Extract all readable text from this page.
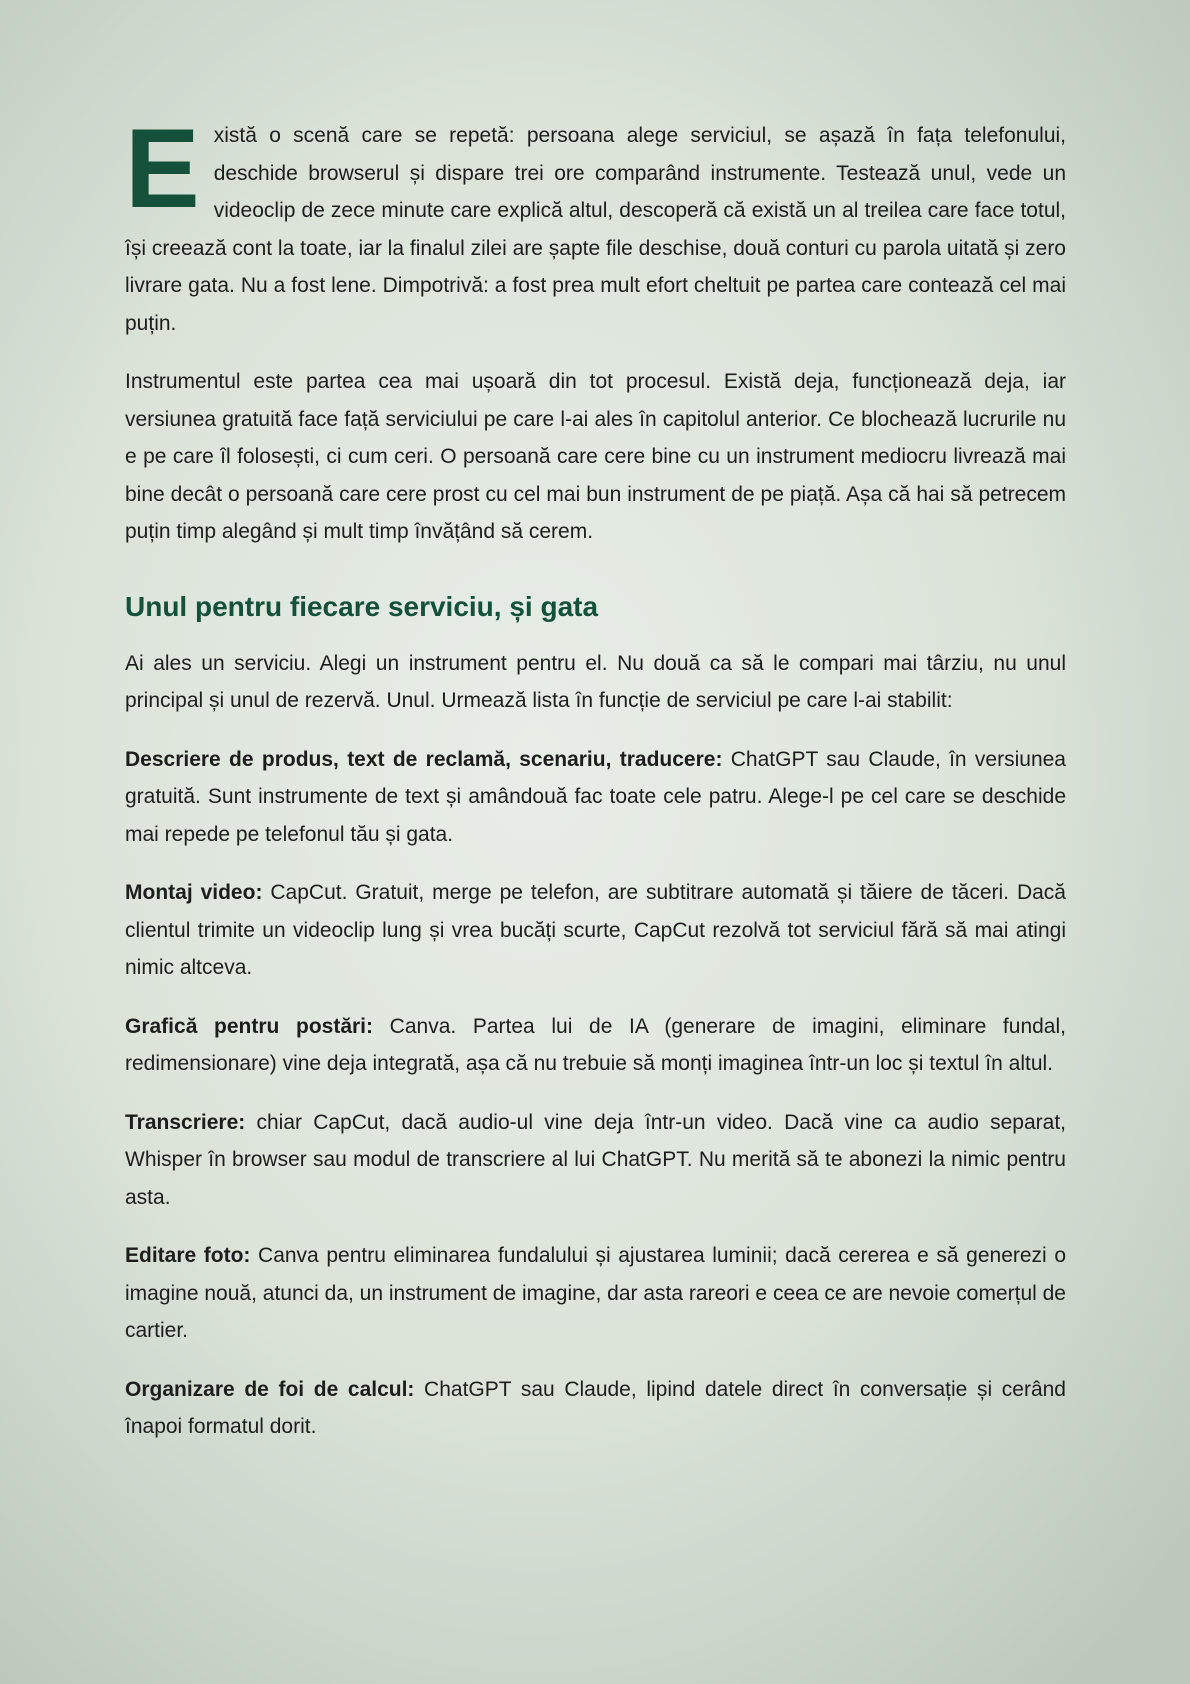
Există o scenă care se repetă: persoana alege serviciul, se așază în fața telefonului, deschide browserul și dispare trei ore comparând instrumente. Testează unul, vede un videoclip de zece minute care explică altul, descoperă că există un al treilea care face totul, își creează cont la toate, iar la finalul zilei are șapte file deschise, două conturi cu parola uitată și zero livrare gata. Nu a fost lene. Dimpotrivă: a fost prea mult efort cheltuit pe partea care contează cel mai puțin.

Instrumentul este partea cea mai ușoară din tot procesul. Există deja, funcționează deja, iar versiunea gratuită face față serviciului pe care l-ai ales în capitolul anterior. Ce blochează lucrurile nu e pe care îl folosești, ci cum ceri. O persoană care cere bine cu un instrument mediocru livrează mai bine decât o persoană care cere prost cu cel mai bun instrument de pe piață. Așa că hai să petrecem puțin timp alegând și mult timp învățând să cerem.

Unul pentru fiecare serviciu, și gata

Ai ales un serviciu. Alegi un instrument pentru el. Nu două ca să le compari mai târziu, nu unul principal și unul de rezervă. Unul. Urmează lista în funcție de serviciul pe care l-ai stabilit:

Descriere de produs, text de reclamă, scenariu, traducere: ChatGPT sau Claude, în versiunea gratuită. Sunt instrumente de text și amândouă fac toate cele patru. Alege-l pe cel care se deschide mai repede pe telefonul tău și gata.

Montaj video: CapCut. Gratuit, merge pe telefon, are subtitrare automată și tăiere de tăceri. Dacă clientul trimite un videoclip lung și vrea bucăți scurte, CapCut rezolvă tot serviciul fără să mai atingi nimic altceva.

Grafică pentru postări: Canva. Partea lui de IA (generare de imagini, eliminare fundal, redimensionare) vine deja integrată, așa că nu trebuie să monți imaginea într-un loc și textul în altul.

Transcriere: chiar CapCut, dacă audio-ul vine deja într-un video. Dacă vine ca audio separat, Whisper în browser sau modul de transcriere al lui ChatGPT. Nu merită să te abonezi la nimic pentru asta.

Editare foto: Canva pentru eliminarea fundalului și ajustarea luminii; dacă cererea e să generezi o imagine nouă, atunci da, un instrument de imagine, dar asta rareori e ceea ce are nevoie comerțul de cartier.

Organizare de foi de calcul: ChatGPT sau Claude, lipind datele direct în conversație și cerând înapoi formatul dorit.
